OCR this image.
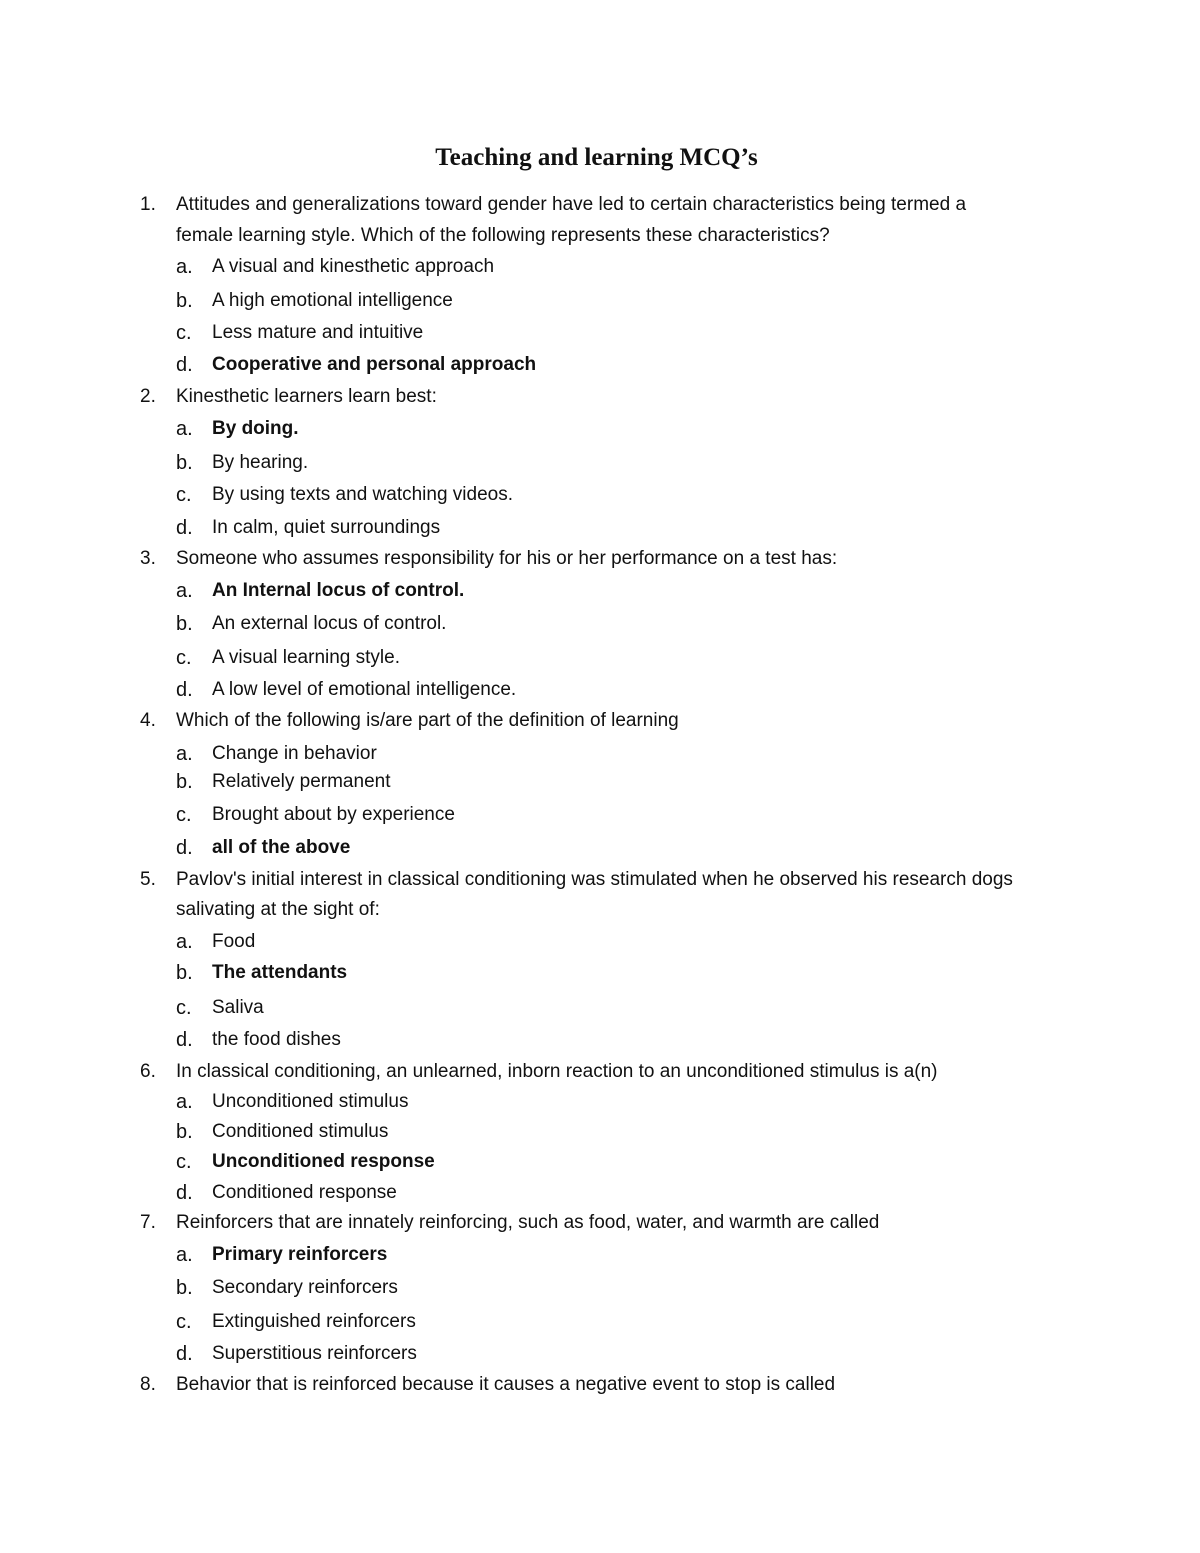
Teaching and learning MCQ’s
1.	Attitudes and generalizations toward gender have led to certain characteristics being termed a
female learning style. Which of the following represents these characteristics?
a.	A visual and kinesthetic approach
b.	A high emotional intelligence
c.	Less mature and intuitive
d.	Cooperative and personal approach
2.	Kinesthetic learners learn best:
a.	By doing.
b.	By hearing.
c.	By using texts and watching videos.
d.	In calm, quiet surroundings
3.	Someone who assumes responsibility for his or her performance on a test has:
a.	An Internal locus of control.
b.	An external locus of control.
c.	A visual learning style.
d.	A low level of emotional intelligence.
4.	Which of the following is/are part of the definition of learning
a.	Change in behavior
b.	Relatively permanent
c.	Brought about by experience
d.	all of the above
5.	Pavlov's initial interest in classical conditioning was stimulated when he observed his research dogs
salivating at the sight of:
a.	Food
b.	The attendants
c.	Saliva
d.	the food dishes
6.	In classical conditioning, an unlearned, inborn reaction to an unconditioned stimulus is a(n)
a.	Unconditioned stimulus
b.	Conditioned stimulus
c.	Unconditioned response
d.	Conditioned response
7.	Reinforcers that are innately reinforcing, such as food, water, and warmth are called
a.	Primary reinforcers
b.	Secondary reinforcers
c.	Extinguished reinforcers
d.	Superstitious reinforcers
8.	Behavior that is reinforced because it causes a negative event to stop is called
